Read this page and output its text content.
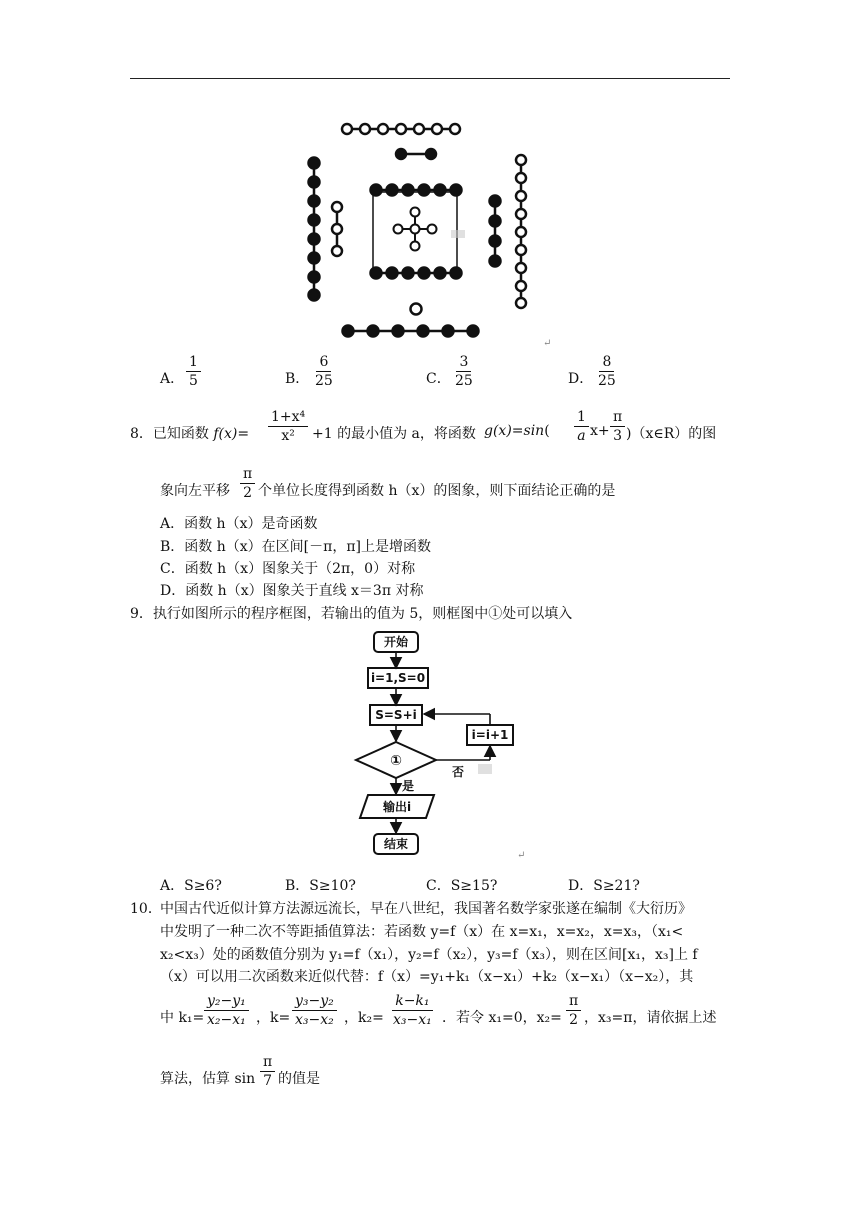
↵
A． $\frac{1}{5}$	B． $\frac{6}{25}$	C． $\frac{3}{25}$	D． $\frac{8}{25}$
8．已知函数 $f(x)= \frac{\text{1+x⁴}}{\text{x²}} +1$ 的最小值为 a，将函数 $g(x)=\sin( \frac{1}{a} x+ \frac{\pi}{3}$ )（x∈R）的图
象向左平移 $\frac{\pi}{2}$ 个单位长度得到函数 h（x）的图象，则下面结论正确的是
A．函数 h（x）是奇函数
B．函数 h（x）在区间[－π，π]上是增函数
C．函数 h（x）图象关于（2π，0）对称
D．函数 h（x）图象关于直线 x＝3π 对称
9．执行如图所示的程序框图，若输出的值为 5，则框图中①处可以填入
开始
i=1,S=0
S=S+i
①
i=i+1
否
是
输出i
结束
↵
A．S≥6?	B．S≥10?	C．S≥15?	D．S≥21?
10．
中国古代近似计算方法源远流长，早在八世纪，我国著名数学家张遂在编制《大衍历》
中发明了一种二次不等距插值算法：若函数 y=f（x）在 x=x₁，x=x₂，x=x₃，（x₁<
x₂<x₃）处的函数值分别为 y₁=f（x₁），y₂=f（x₂），y₃=f（x₃），则在区间[x₁，x₃]上 f
（x）可以用二次函数来近似代替：f（x）=y₁+k₁（x−x₁）+k₂（x−x₁）（x−x₂），其
中 $k_1= \frac{\text{y₂−y₁}}{\text{x₂−x₁}}$ ，$k= \frac{\text{y₃−y₂}}{\text{x₃−x₂}}$ ，$k_2= \frac{\text{k−k₁}}{\text{x₃−x₁}}$ ．若令 x₁=0，$x_2= \frac{\pi}{2}$ ，x₃=π，请依据上述
算法，估算 $\sin \frac{\pi}{7}$ 的值是
